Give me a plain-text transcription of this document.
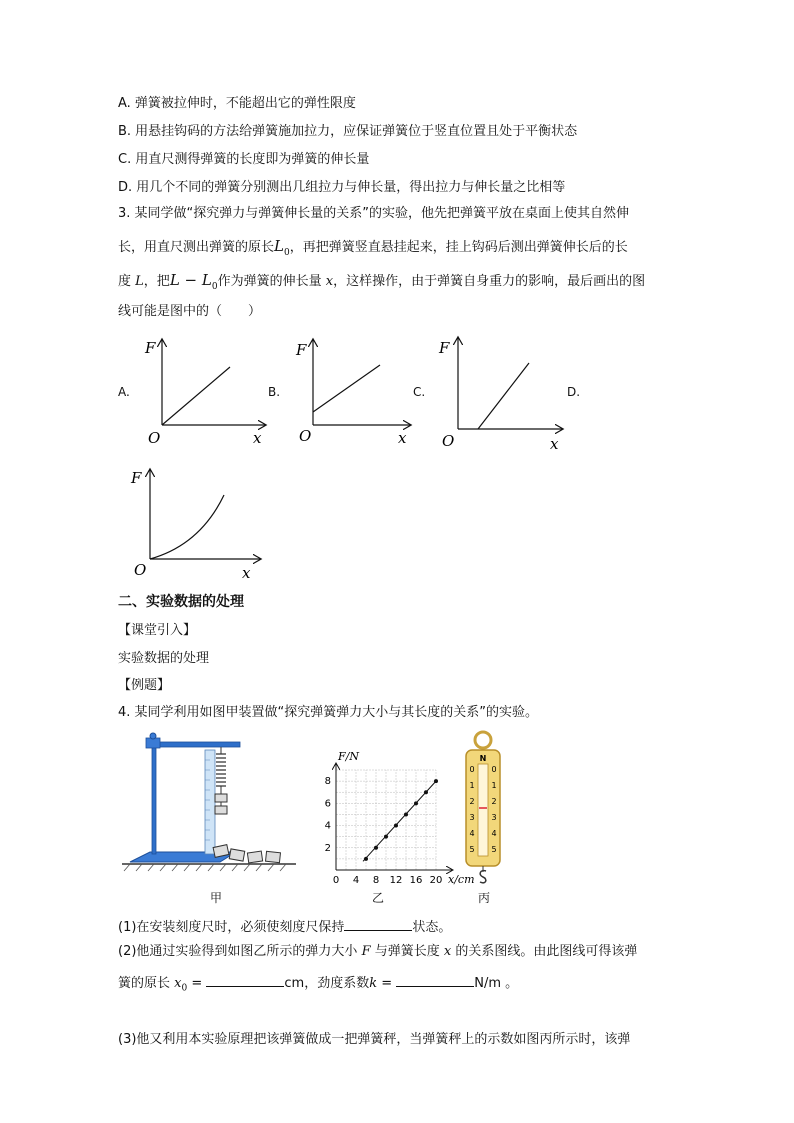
A. 弹簧被拉伸时，不能超出它的弹性限度
B. 用悬挂钩码的方法给弹簧施加拉力，应保证弹簧位于竖直位置且处于平衡状态
C. 用直尺测得弹簧的长度即为弹簧的伸长量
D. 用几个不同的弹簧分别测出几组拉力与伸长量，得出拉力与伸长量之比相等
3. 某同学做“探究弹力与弹簧伸长量的关系”的实验，他先把弹簧平放在桌面上使其自然伸
长，用直尺测出弹簧的原长$L_0$，再把弹簧竖直悬挂起来，挂上钩码后测出弹簧伸长后的长
度 L，把$L - L_0$作为弹簧的伸长量 x，这样操作，由于弹簧自身重力的影响，最后画出的图
线可能是图中的（　　）
A.	B.	C.	D.
F
O	x
F
O	x
F
O	x
F
O	x
二、实验数据的处理
【课堂引入】
实验数据的处理
【例题】
4. 某同学利用如图甲装置做“探究弹簧弹力大小与其长度的关系”的实验。
甲
0 4 8 12 16 20
2
4
6
8
F/N
x/cm
乙
N
0
1
2
3
4
5
0
1
2
3
4
5
丙
(1)在安装刻度尺时，必须使刻度尺保持	状态。
(2)他通过实验得到如图乙所示的弹力大小 F 与弹簧长度 x 的关系图线。由此图线可得该弹
簧的原长 $x_0$ =	cm，劲度系数k =	N/m 。
(3)他又利用本实验原理把该弹簧做成一把弹簧秤，当弹簧秤上的示数如图丙所示时，该弹
